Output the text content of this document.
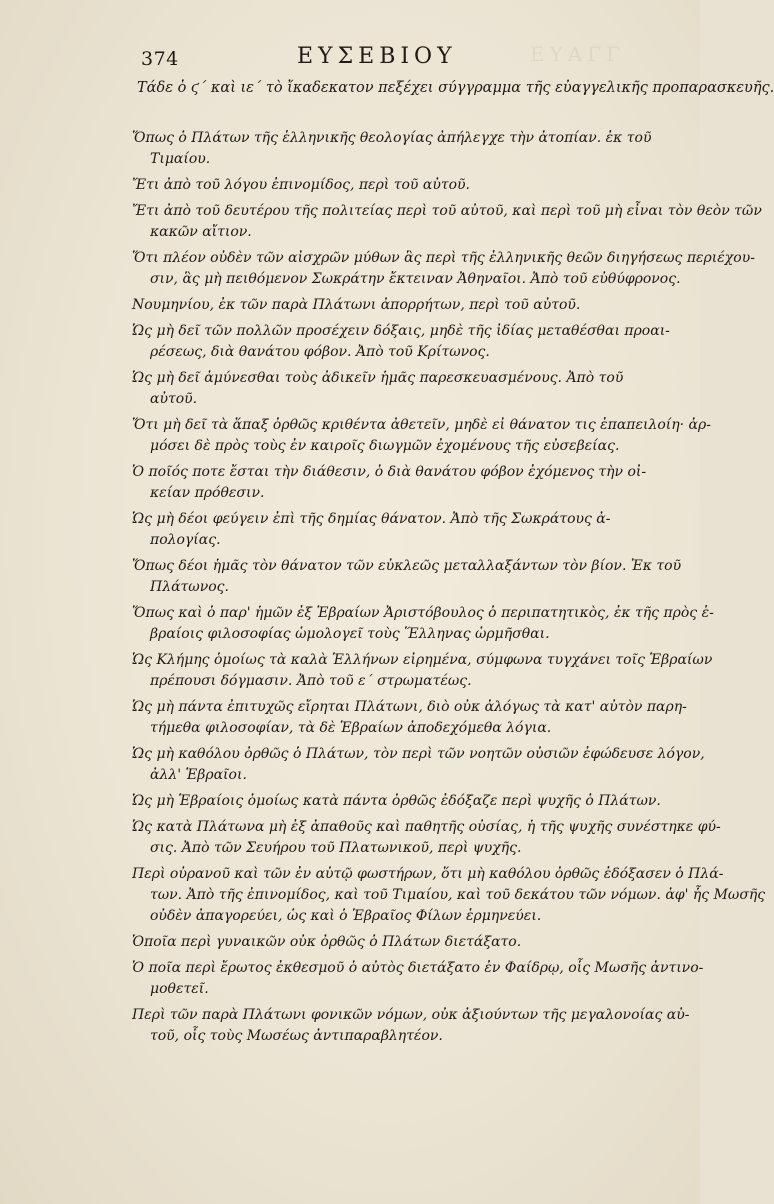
374	ΕΥΣΕΒΙΟΥ	ΕΥΑΓΓ
Τάδε ὁ ϛ´ καὶ ιε´ τὸ ἴκαδεκατον πεξέχει σύγγραμμα τῆς εὐαγγελικῆς προπαρασκευῆς.
Ὅπως ὁ Πλάτων τῆς ἑλληνικῆς θεολογίας ἀπήλεγχε τὴν ἀτοπίαν. ἐκ τοῦ
Τιμαίου.
Ἔτι ἀπὸ τοῦ λόγου ἐπινομίδος, περὶ τοῦ αὐτοῦ.
Ἔτι ἀπὸ τοῦ δευτέρου τῆς πολιτείας περὶ τοῦ αὐτοῦ, καὶ περὶ τοῦ μὴ εἶναι τὸν θεὸν τῶν
κακῶν αἴτιον.
Ὅτι πλέον οὐδὲν τῶν αἰσχρῶν μύθων ἃς περὶ τῆς ἑλληνικῆς θεῶν διηγήσεως περιέχου-
σιν, ἃς μὴ πειθόμενον Σωκράτην ἔκτειναν Ἀθηναῖοι. Ἀπὸ τοῦ εὐθύφρονος.
Νουμηνίου, ἐκ τῶν παρὰ Πλάτωνι ἀπορρήτων, περὶ τοῦ αὐτοῦ.
Ὡς μὴ δεῖ τῶν πολλῶν προσέχειν δόξαις, μηδὲ τῆς ἰδίας μεταθέσθαι προαι-
ρέσεως, διὰ θανάτου φόβον. Ἀπὸ τοῦ Κρίτωνος.
Ὡς μὴ δεῖ ἀμύνεσθαι τοὺς ἀδικεῖν ἡμᾶς παρεσκευασμένους. Ἀπὸ τοῦ
αὐτοῦ.
Ὅτι μὴ δεῖ τὰ ἅπαξ ὀρθῶς κριθέντα ἀθετεῖν, μηδὲ εἰ θάνατον τις ἐπαπειλοίη· ἁρ-
μόσει δὲ πρὸς τοὺς ἐν καιροῖς διωγμῶν ἐχομένους τῆς εὐσεβείας.
Ὁ ποῖός ποτε ἔσται τὴν διάθεσιν, ὁ διὰ θανάτου φόβον ἐχόμενος τὴν οἰ-
κείαν πρόθεσιν.
Ὡς μὴ δέοι φεύγειν ἐπὶ τῆς δημίας θάνατον. Ἀπὸ τῆς Σωκράτους ἀ-
πολογίας.
Ὅπως δέοι ἡμᾶς τὸν θάνατον τῶν εὐκλεῶς μεταλλαξάντων τὸν βίον. Ἐκ τοῦ
Πλάτωνος.
Ὅπως καὶ ὁ παρ' ἡμῶν ἐξ Ἑβραίων Ἀριστόβουλος ὁ περιπατητικὸς, ἐκ τῆς πρὸς ἑ-
βραίοις φιλοσοφίας ὡμολογεῖ τοὺς Ἕλληνας ὡρμῆσθαι.
Ὡς Κλήμης ὁμοίως τὰ καλὰ Ἑλλήνων εἰρημένα, σύμφωνα τυγχάνει τοῖς Ἑβραίων
πρέπουσι δόγμασιν. Ἀπὸ τοῦ ε´ στρωματέως.
Ὡς μὴ πάντα ἐπιτυχῶς εἴρηται Πλάτωνι, διὸ οὐκ ἀλόγως τὰ κατ' αὐτὸν παρη-
τήμεθα φιλοσοφίαν, τὰ δὲ Ἑβραίων ἀποδεχόμεθα λόγια.
Ὡς μὴ καθόλου ὀρθῶς ὁ Πλάτων, τὸν περὶ τῶν νοητῶν οὐσιῶν ἐφώδευσε λόγον,
ἀλλ' Ἑβραῖοι.
Ὡς μὴ Ἑβραίοις ὁμοίως κατὰ πάντα ὀρθῶς ἐδόξαζε περὶ ψυχῆς ὁ Πλάτων.
Ὡς κατὰ Πλάτωνα μὴ ἐξ ἀπαθοῦς καὶ παθητῆς οὐσίας, ἡ τῆς ψυχῆς συνέστηκε φύ-
σις. Ἀπὸ τῶν Σευήρου τοῦ Πλατωνικοῦ, περὶ ψυχῆς.
Περὶ οὐρανοῦ καὶ τῶν ἐν αὐτῷ φωστήρων, ὅτι μὴ καθόλου ὀρθῶς ἐδόξασεν ὁ Πλά-
των. Ἀπὸ τῆς ἐπινομίδος, καὶ τοῦ Τιμαίου, καὶ τοῦ δεκάτου τῶν νόμων. ἀφ' ἧς Μωσῆς
οὐδὲν ἀπαγορεύει, ὡς καὶ ὁ Ἑβραῖος Φίλων ἑρμηνεύει.
Ὁποῖα περὶ γυναικῶν οὐκ ὀρθῶς ὁ Πλάτων διετάξατο.
Ὁ ποῖα περὶ ἔρωτος ἐκθεσμοῦ ὁ αὐτὸς διετάξατο ἐν Φαίδρῳ, οἷς Μωσῆς ἀντινο-
μοθετεῖ.
Περὶ τῶν παρὰ Πλάτωνι φονικῶν νόμων, οὐκ ἀξιούντων τῆς μεγαλονοίας αὐ-
τοῦ, οἷς τοὺς Μωσέως ἀντιπαραβλητέον.
